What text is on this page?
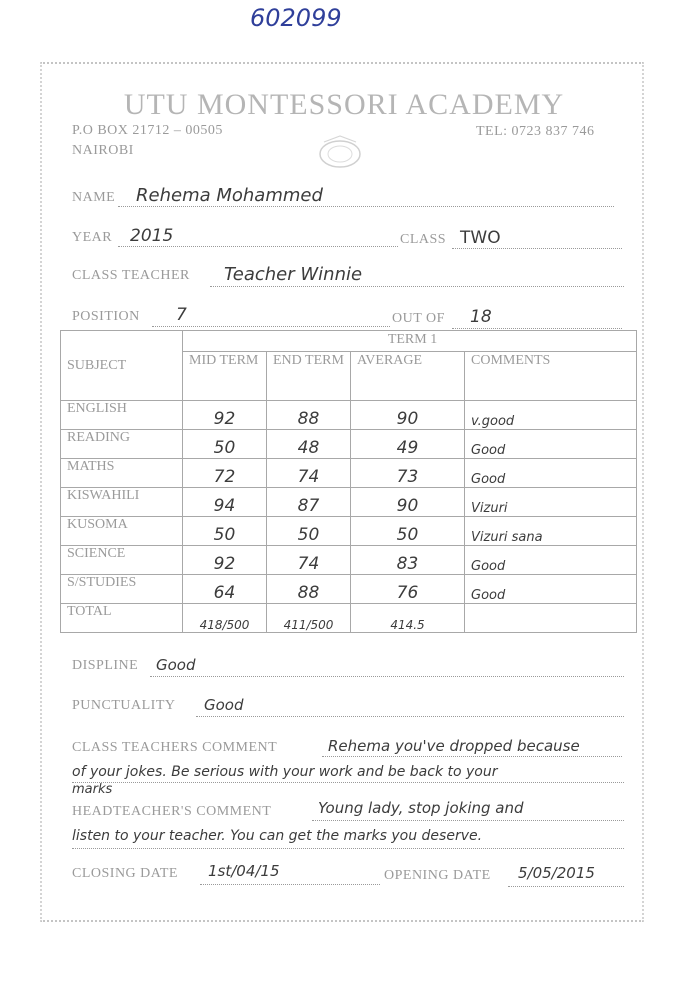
602099
UTU MONTESSORI ACADEMY
P.O BOX 21712 – 00505
NAIROBI
TEL: 0723 837 746
NAME Rehema Mohammed
YEAR 2015	CLASS TWO
CLASS TEACHER Teacher Winnie
POSITION 7	OUT OF 18
SUBJECT	TERM 1			
	MID TERM	END TERM	AVERAGE	COMMENTS
ENGLISH	92	88	90	v.good
READING	50	48	49	Good
MATHS	72	74	73	Good
KISWAHILI	94	87	90	Vizuri
KUSOMA	50	50	50	Vizuri sana
SCIENCE	92	74	83	Good
S/STUDIES	64	88	76	Good
TOTAL	418/500	411/500	414.5	
DISPLINE Good
PUNCTUALITY Good
CLASS TEACHERS COMMENT	Rehema you've dropped because
of your jokes. Be serious with your work and be back to your
marks
HEADTEACHER'S COMMENT	Young lady, stop joking and
listen to your teacher. You can get the marks you deserve.
CLOSING DATE 1st/04/15	OPENING DATE 5/05/2015
